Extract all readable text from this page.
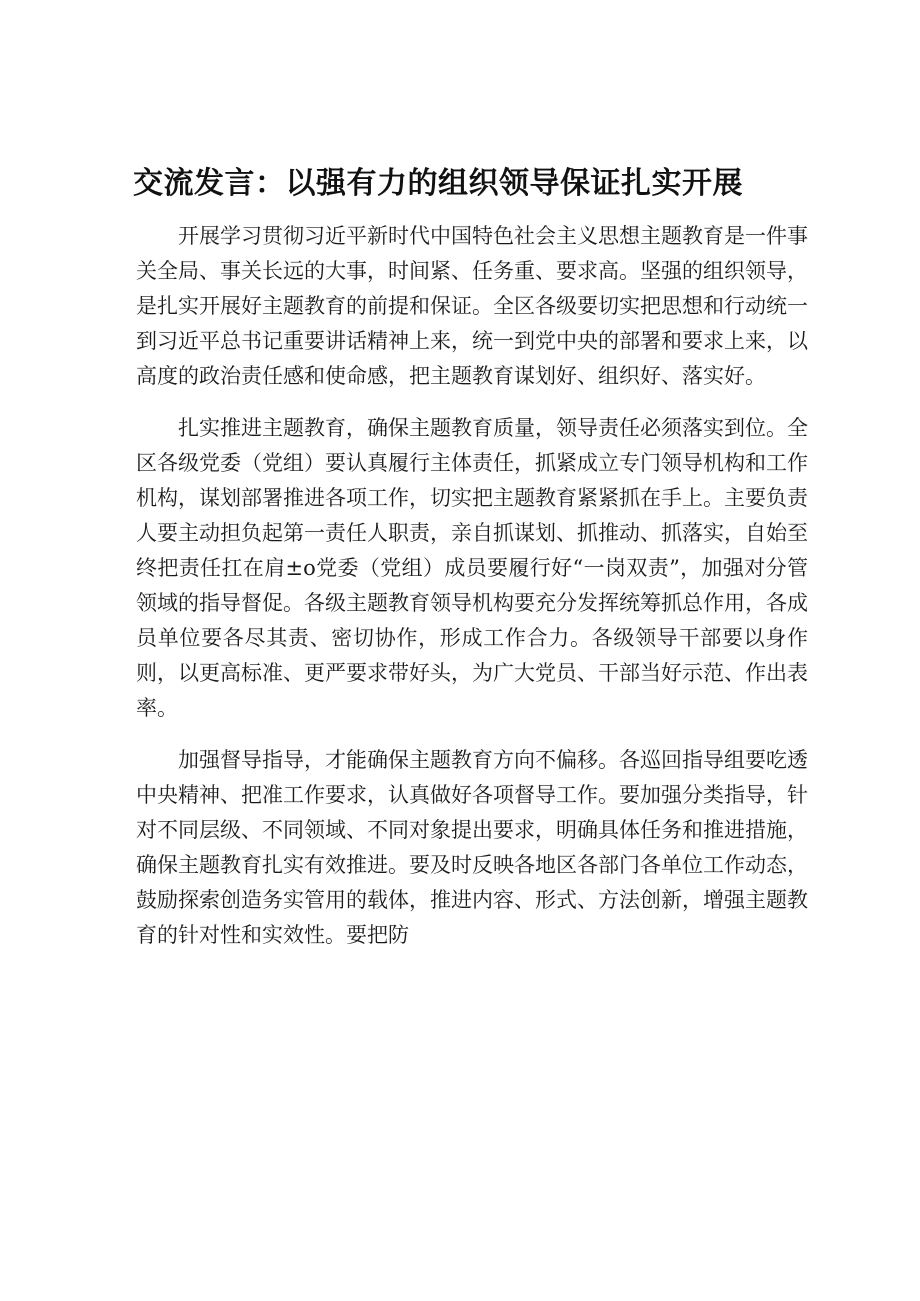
交流发言：以强有力的组织领导保证扎实开展

开展学习贯彻习近平新时代中国特色社会主义思想主题教育是一件事关全局、事关长远的大事，时间紧、任务重、要求高。坚强的组织领导，是扎实开展好主题教育的前提和保证。全区各级要切实把思想和行动统一到习近平总书记重要讲话精神上来，统一到党中央的部署和要求上来，以高度的政治责任感和使命感，把主题教育谋划好、组织好、落实好。

扎实推进主题教育，确保主题教育质量，领导责任必须落实到位。全区各级党委（党组）要认真履行主体责任，抓紧成立专门领导机构和工作机构，谋划部署推进各项工作，切实把主题教育紧紧抓在手上。主要负责人要主动担负起第一责任人职责，亲自抓谋划、抓推动、抓落实，自始至终把责任扛在肩±o党委（党组）成员要履行好“一岗双责”，加强对分管领域的指导督促。各级主题教育领导机构要充分发挥统筹抓总作用，各成员单位要各尽其责、密切协作，形成工作合力。各级领导干部要以身作则，以更高标准、更严要求带好头，为广大党员、干部当好示范、作出表率。

加强督导指导，才能确保主题教育方向不偏移。各巡回指导组要吃透中央精神、把准工作要求，认真做好各项督导工作。要加强分类指导，针对不同层级、不同领域、不同对象提出要求，明确具体任务和推进措施，确保主题教育扎实有效推进。要及时反映各地区各部门各单位工作动态，鼓励探索创造务实管用的载体，推进内容、形式、方法创新，增强主题教育的针对性和实效性。要把防
